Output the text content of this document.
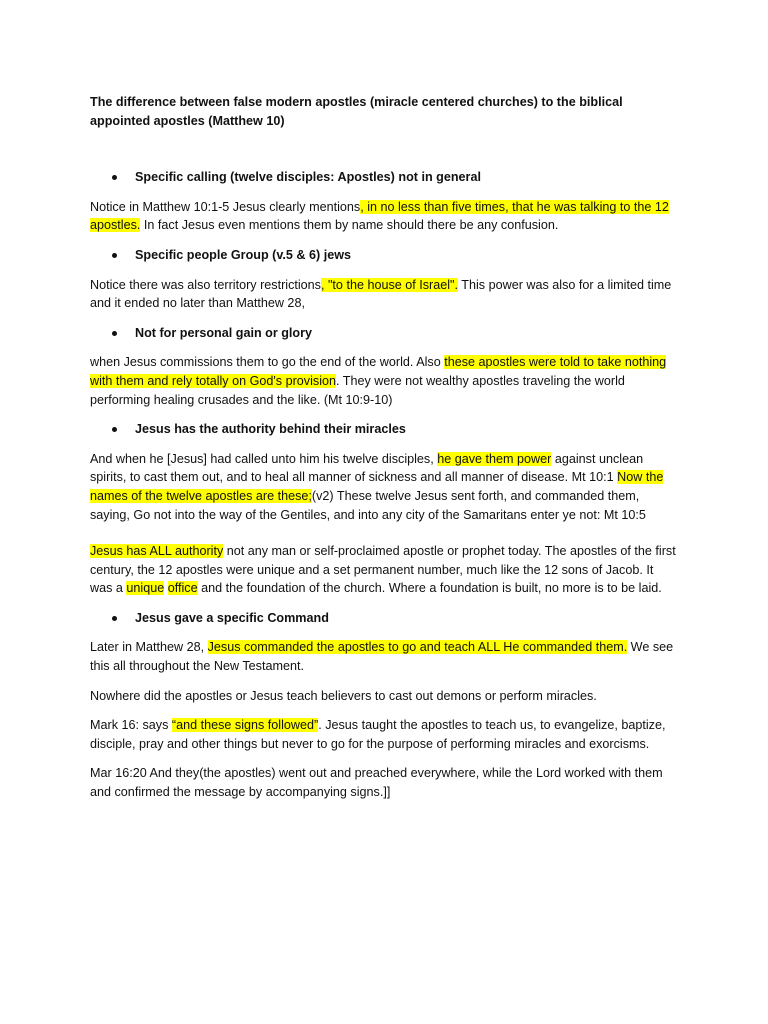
The difference between false modern apostles (miracle centered churches) to the biblical appointed apostles (Matthew 10)
Specific calling (twelve disciples: Apostles) not in general

Notice in Matthew 10:1-5 Jesus clearly mentions, in no less than five times, that he was talking to the 12 apostles. In fact Jesus even mentions them by name should there be any confusion.

Specific people Group (v.5 & 6) jews

Notice there was also territory restrictions, "to the house of Israel". This power was also for a limited time and it ended no later than Matthew 28,

Not for personal gain or glory

when Jesus commissions them to go the end of the world. Also these apostles were told to take nothing with them and rely totally on God's provision. They were not wealthy apostles traveling the world performing healing crusades and the like. (Mt 10:9-10)

Jesus has the authority behind their miracles

And when he [Jesus] had called unto him his twelve disciples, he gave them power against unclean spirits, to cast them out, and to heal all manner of sickness and all manner of disease. Mt 10:1 Now the names of the twelve apostles are these;(v2) These twelve Jesus sent forth, and commanded them, saying, Go not into the way of the Gentiles, and into any city of the Samaritans enter ye not: Mt 10:5

Jesus has ALL authority not any man or self-proclaimed apostle or prophet today. The apostles of the first century, the 12 apostles were unique and a set permanent number, much like the 12 sons of Jacob. It was a unique office and the foundation of the church. Where a foundation is built, no more is to be laid.

Jesus gave a specific Command

Later in Matthew 28, Jesus commanded the apostles to go and teach ALL He commanded them. We see this all throughout the New Testament.

Nowhere did the apostles or Jesus teach believers to cast out demons or perform miracles.

Mark 16: says “and these signs followed”. Jesus taught the apostles to teach us, to evangelize, baptize, disciple, pray and other things but never to go for the purpose of performing miracles and exorcisms.

Mar 16:20 And they(the apostles) went out and preached everywhere, while the Lord worked with them and confirmed the message by accompanying signs.]]
